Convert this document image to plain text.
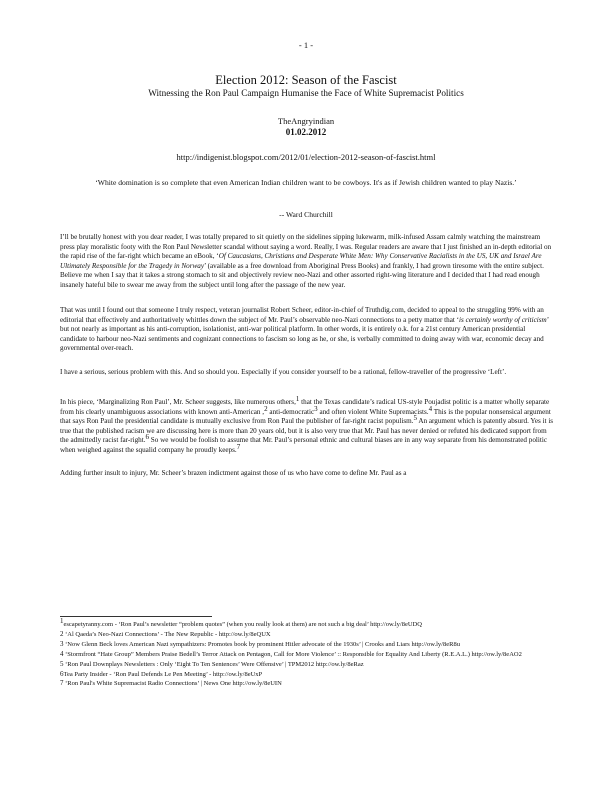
- 1 -
Election 2012: Season of the Fascist
Witnessing the Ron Paul Campaign Humanise the Face of White Supremacist Politics
TheAngryindian
01.02.2012
http://indigenist.blogspot.com/2012/01/election-2012-season-of-fascist.html
‘White domination is so complete that even American Indian children want to be cowboys. It's as if Jewish children wanted to play Nazis.’
-- Ward Churchill

I’ll be brutally honest with you dear reader, I was totally prepared to sit quietly on the sidelines sipping lukewarm, milk-infused Assam calmly watching the mainstream press play moralistic footy with the Ron Paul Newsletter scandal without saying a word. Really, I was. Regular readers are aware that I just finished an in-depth editorial on the rapid rise of the far-right which became an eBook, ‘Of Caucasians, Christians and Desperate White Men: Why Conservative Racialists in the US, UK and Israel Are Ultimately Responsible for the Tragedy in Norway’ (available as a free download from Aboriginal Press Books) and frankly, I had grown tiresome with the entire subject. Believe me when I say that it takes a strong stomach to sit and objectively review neo-Nazi and other assorted right-wing literature and I decided that I had read enough insanely hateful bile to swear me away from the subject until long after the passage of the new year.

That was until I found out that someone I truly respect, veteran journalist Robert Scheer, editor-in-chief of Truthdig.com, decided to appeal to the struggling 99% with an editorial that effectively and authoritatively whittles down the subject of Mr. Paul’s observable neo-Nazi connections to a petty matter that ‘is certainly worthy of criticism’ but not nearly as important as his anti-corruption, isolationist, anti-war political platform. In other words, it is entirely o.k. for a 21st century American presidential candidate to harbour neo-Nazi sentiments and cognizant connections to fascism so long as he, or she, is verbally committed to doing away with war, economic decay and governmental over-reach.

I have a serious, serious problem with this. And so should you. Especially if you consider yourself to be a rational, fellow-traveller of the progressive ‘Left’.

In his piece, ‘Marginalizing Ron Paul’, Mr. Scheer suggests, like numerous others,$^1$ that the Texas candidate’s radical US-style Poujadist politic is a matter wholly separate from his clearly unambiguous associations with known anti-American ,$^2$ anti-democratic$^3$ and often violent White Supremacists.$^4$ This is the popular nonsensical argument that says Ron Paul the presidential candidate is mutually exclusive from Ron Paul the publisher of far-right racist populism.$^5$ An argument which is patently absurd. Yes it is true that the published racism we are discussing here is more than 20 years old, but it is also very true that Mr. Paul has never denied or refuted his dedicated support from the admittedly racist far-right.$^6$ So we would be foolish to assume that Mr. Paul’s personal ethnic and cultural biases are in any way separate from his demonstrated politic when weighed against the squalid company he proudly keeps.$^7$

Adding further insult to injury, Mr. Scheer’s brazen indictment against those of us who have come to define Mr. Paul as a

$^1$escapetyranny.com - ‘Ron Paul’s newsletter “problem quotes” (when you really look at them) are not such a big deal’ http://ow.ly/8eUDQ
2 ‘Al Qaeda’s Neo-Nazi Connections’ - The New Republic - http://ow.ly/8eQUX
3 ‘Now Glenn Beck loves American Nazi sympathizers: Promotes book by prominent Hitler advocate of the 1930s’ | Crooks and Liars http://ow.ly/8eR8u
4 ‘Stormfront “Hate Group” Members Praise Bedell’s Terror Attack on Pentagon, Call for More Violence’ :: Responsible for Equality And Liberty (R.E.A.L.) http://ow.ly/8eAO2
5 ‘Ron Paul Downplays Newsletters : Only ‘Eight To Ten Sentences’ Were Offensive’ | TPM2012 http://ow.ly/8eRaz
6Tea Party Insider - ‘Ron Paul Defends Le Pen Meeting’ - http://ow.ly/8eUxP
7 ‘Ron Paul's White Supremacist Radio Connections’ | News One http://ow.ly/8eUIN
